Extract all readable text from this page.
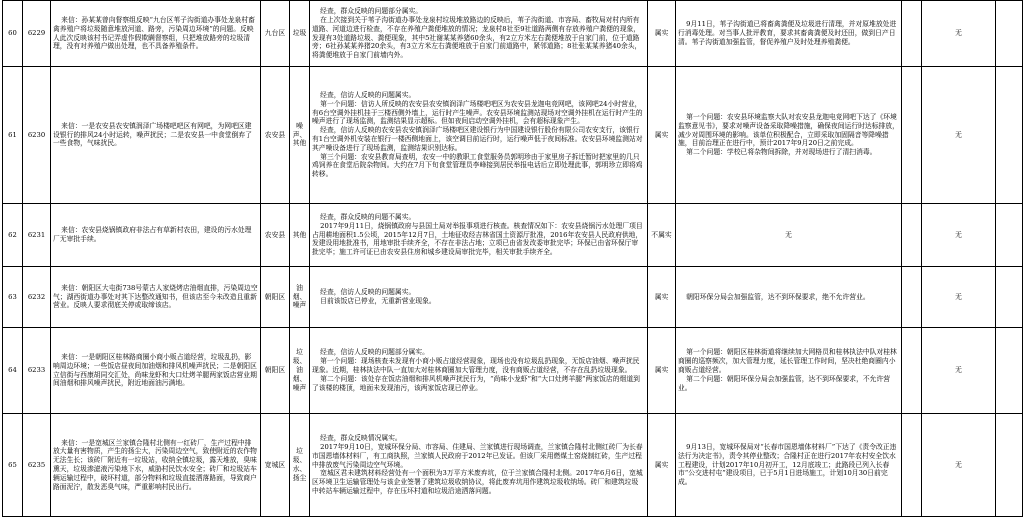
60	6229	来信：孙某某曾向督察组反映“九台区苇子沟街道办事处龙泉村畜禽养殖户将垃圾随意堆放河道、路旁，污染周边环境”的问题。反映人此次反映该村书记弄虚作假欺瞒督察组，只把堆放路旁的垃圾清理，没有对养殖户做出处理，也不具备养殖条件。	九台区	垃圾	经查，群众反映的问题部分属实。
在上次接到关于苇子沟街道办事处龙泉村垃圾堆放路边的反映后，苇子沟街道、市容局、畜牧局对村内所有道路、河道边进行检查，不存在养殖户粪便堆放的情况；龙泉村8社至9社道路两侧有存放养殖户粪便的现象，发现有3处道路垃圾、粪便现象，其中5社谢某某养猪60余头，有2立方米左右粪便堆放于自家门前，位于道路旁；6社孙某某养猪20余头，有3立方米左右粪便堆放于自家门前道路中，紧邻道路；8社张某某养猪40余头，将粪便堆放于自家门前墙内外。	属实	9月11日，苇子沟街道已将畜禽粪便及垃圾进行清理，并对原堆放处进行消毒处理。对当事人批评教育，要求其畜禽粪便及时还田，做到日产日清。苇子沟街道加强监管，督促养殖户及时处理养殖粪便。		无	
61	6230	来信：一是农安县农安镇润泽广场楼吧吧区有网吧，为网吧区建设银行的排风24小时运转，噪声扰民；二是农安县一中食堂倒弃了一些食物，气味扰民。	农安县	噪声、其他	经查，信访人反映的问题属实。
第一个问题：信访人所反映的农安县农安镇润泽广场楼吧吧区为农安县龙迦电竞网吧，该网吧24小时营业，有6台空调外挂机挂于三楼西侧外墙上，运行时产生噪声。农安县环境监测站现场对空调外挂机在运行时产生的噪声进行了现场监测，监测结果显示超标。但如夜间启动空调外挂机，会有超标现象产生。
经查，信访人反映的农安县农安镇润泽广场楼吧区建设银行为中国建设银行股份有限公司农安支行，该银行有1台空调外机安装在银行一楼西侧地面上，该空调目前运行时，运行噪声低于夜间标准。农安县环境监测站对其产噪设备进行了现场监测，监测结果识别达标。
第三个问题：农安县教育局查明，农安一中的教职工食堂服务员郭明珍由于家里房子拆迁暂时把家里的几只鸡饲养在食堂后院杂物间。大约在7月下旬食堂管理员李峰接到居民举报电话后立即处理此事，郭明珍立即将鸡转移。	属实	第一个问题：农安县环境监察大队对农安县龙迦电竞网吧下达了《环境监察意见书》，要求对噪声设备采取降噪措施，确保夜间运行时达标排放，减少对周围环境的影响。该单位积极配合，立即采取加固隔音等降噪措施，目前治理正在进行中，预计2017年9月20日之前完成。
第二个问题：学校已将杂物间拆除，并对现场进行了清扫消毒。		无	
62	6231	来信：农安县烧锅镇政府非法占有草新村农田，建设的污水处理厂无审批手续。	农安县	其他	经查，群众反映的问题不属实。
2017年9月11日，烧锅镇政府与县国土局对举报事项进行核查。核查情况如下：农安县烧锅污水处理厂项目占用耕地面积1.5公顷，2015年12月7日，土地征收经吉林省国土资源厅批准，2016年农安县人民政府供地，发建设用地批准书，用地审批手续齐全，不存在非法占地；立项已由省发改委审批完毕；环保已由省环保厅审批完毕；施工许可证已由农安县住房和城乡建设局审批完毕，相关审批手续齐全。	不属实	无		无	
63	6232	来信：朝阳区大屯街738号蒙古人家烧烤店油烟直排，污染周边空气；湖西街道办事处对其下达整改通知书，但该店至今未改造且重新营业。反映人要求彻底关停或取缔该店。	朝阳区	油烟、噪声	经查，信访人反映的问题属实。
目前该饭店已停业，无重新营业现象。	属实	朝阳环保分局会加强监管，达不到环保要求，绝不允许营业。		无	
64	6233	来信：一是朝阳区桂林路商圈小商小贩占道经营，垃圾乱扔，影响周边环境；一些饭店昼夜间加油烟和排风机噪声扰民；二是朝阳区立信街与西康胡同交汇处，尚味龙虾和大口灶烤羊腿两家饭店营业期间油烟和排风噪声扰民，附近地面油污满地。	朝阳区	垃圾、油烟、噪声	经查，信访人反映的问题部分属实。
第一个问题：现场核查未发现有小商小贩占道经营现象，现场也没有垃圾乱扔现象，无饭店油烟、噪声扰民现象。近期，桂林执法中队一直加大对桂林商圈加大管理力度，没有商贩占道经营，不存在乱扔垃圾现象。
第二个问题：该处存在饭店油烟和排风机噪声扰民行为，“尚味小龙虾”和“大口灶烤羊腿”两家饭店的烟道到了该楼的楼顶，地面未发现油污，该两家饭店现已停业。	属实	第一个问题：朝阳区桂林街道将继续加大网格员和桂林执法中队对桂林商圈的巡察频次，加大管理力度，延长管理工作时间，坚决杜绝商圈内小商贩占道经营。
第二个问题：朝阳环保分局会加强监管，达不到环保要求，不允许营业。		无	
65	6235	来信：一是宽城区兰家镇合隆村北侧有一红砖厂，生产过程中排放大量有害物质，产生的扬尘大，污染周边空气，致使附近的农作物无法生长；该砖厂附近有一垃圾站，收纳全镇垃圾，露天堆放，臭味熏天，垃圾渗滤液污染地下水，威胁村民饮水安全；砖厂和垃圾站车辆运输过程中，破坏村道，部分物料和垃圾直接洒落路面，导致商户路面泥泞，散发恶臭气味，严重影响村民出行。	宽城区	垃圾、水、扬尘	经查，群众反映情况属实。
2017年9月10日，宽城环保分局、市容局、住建局、兰家镇进行现场调查，兰家镇合隆村北侧红砖厂为长春市国恩墙体材料厂，有工商执照，兰家镇人民政府于2012年已发证。但该厂采用燃煤土窑烧制红砖，生产过程中排放废气污染周边空气环境。
宽城区君未建筑材料经营处有一个面积为3万平方米废弃坑，位于兰家镇合隆村北侧。2017年6月6日，宽城区环境卫生运输管理处与该企业签署了建筑垃圾收纳协议，将此废弃坑用作建筑垃圾收纳场。砖厂和建筑垃圾中转站车辆运输过程中，存在压坏村道和垃圾沿途洒落问题。	属实	9月13日，宽城环保局对“长春市国恩墙体材料厂”下达了《责令改正违法行为决定书》，责令其停业整改；合隆村正在进行2017年农村安全饮水工程建设，计划2017年10月初开工，12月底竣工；此路段已列入长春市“公交进村屯”建设项目，已于5月1日进场施工，计划10月30日前完成。		无	
